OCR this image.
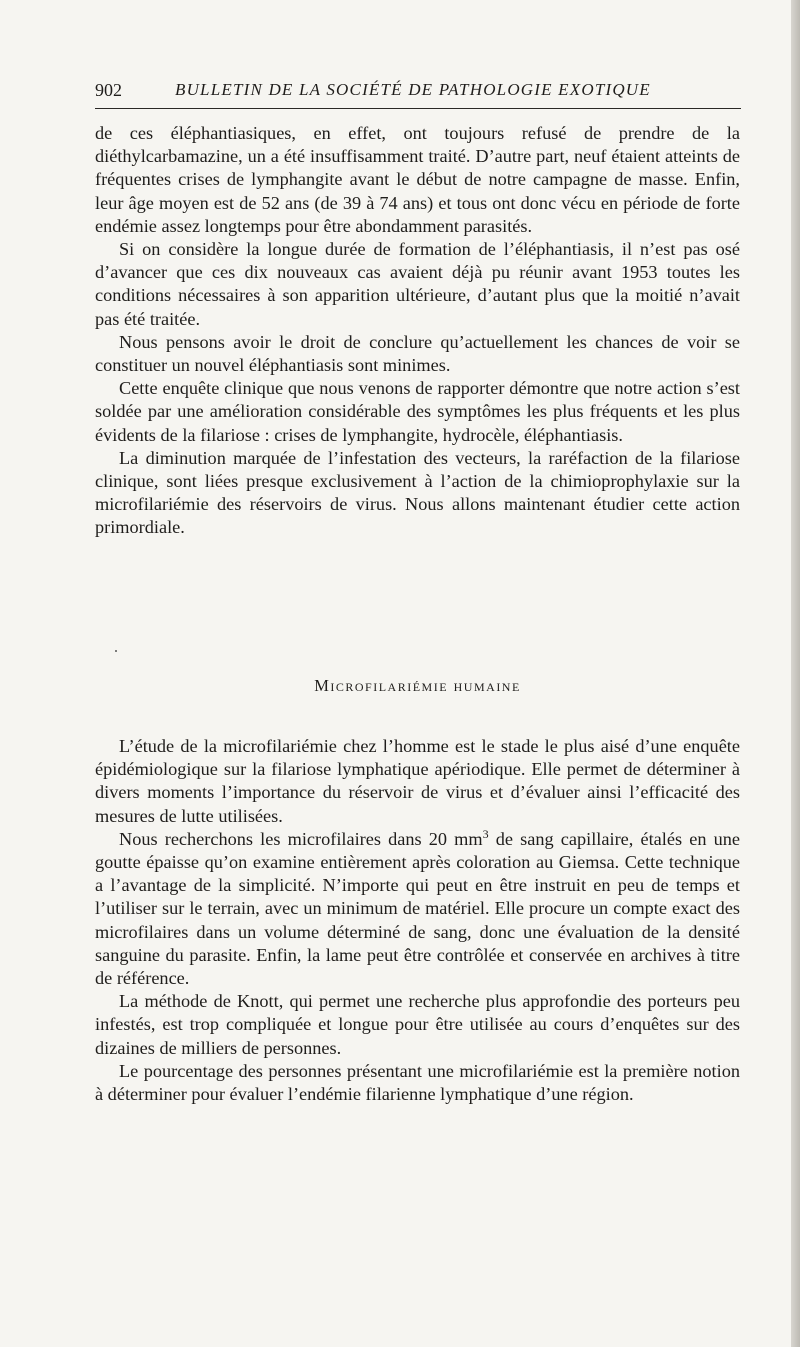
902	BULLETIN DE LA SOCIÉTÉ DE PATHOLOGIE EXOTIQUE

de ces éléphantiasiques, en effet, ont toujours refusé de prendre de la diéthylcarbamazine, un a été insuffisamment traité. D’autre part, neuf étaient atteints de fréquentes crises de lymphangite avant le début de notre campagne de masse. Enfin, leur âge moyen est de 52 ans (de 39 à 74 ans) et tous ont donc vécu en période de forte endémie assez longtemps pour être abondamment parasités.

Si on considère la longue durée de formation de l’éléphantiasis, il n’est pas osé d’avancer que ces dix nouveaux cas avaient déjà pu réunir avant 1953 toutes les conditions nécessaires à son apparition ultérieure, d’autant plus que la moitié n’avait pas été traitée.

Nous pensons avoir le droit de conclure qu’actuellement les chances de voir se constituer un nouvel éléphantiasis sont minimes.

Cette enquête clinique que nous venons de rapporter démontre que notre action s’est soldée par une amélioration considérable des symptômes les plus fréquents et les plus évidents de la filariose : crises de lymphangite, hydrocèle, éléphantiasis.

La diminution marquée de l’infestation des vecteurs, la raréfaction de la filariose clinique, sont liées presque exclusivement à l’action de la chimioprophylaxie sur la microfilariémie des réservoirs de virus. Nous allons maintenant étudier cette action primordiale.

Microfilariémie humaine

L’étude de la microfilariémie chez l’homme est le stade le plus aisé d’une enquête épidémiologique sur la filariose lymphatique apériodique. Elle permet de déterminer à divers moments l’importance du réservoir de virus et d’évaluer ainsi l’efficacité des mesures de lutte utilisées.

Nous recherchons les microfilaires dans 20 $mm^3$ de sang capillaire, étalés en une goutte épaisse qu’on examine entièrement après coloration au Giemsa. Cette technique a l’avantage de la simplicité. N’importe qui peut en être instruit en peu de temps et l’utiliser sur le terrain, avec un minimum de matériel. Elle procure un compte exact des microfilaires dans un volume déterminé de sang, donc une évaluation de la densité sanguine du parasite. Enfin, la lame peut être contrôlée et conservée en archives à titre de référence.

La méthode de Knott, qui permet une recherche plus approfondie des porteurs peu infestés, est trop compliquée et longue pour être utilisée au cours d’enquêtes sur des dizaines de milliers de personnes.

Le pourcentage des personnes présentant une microfilariémie est la première notion à déterminer pour évaluer l’endémie filarienne lymphatique d’une région.
